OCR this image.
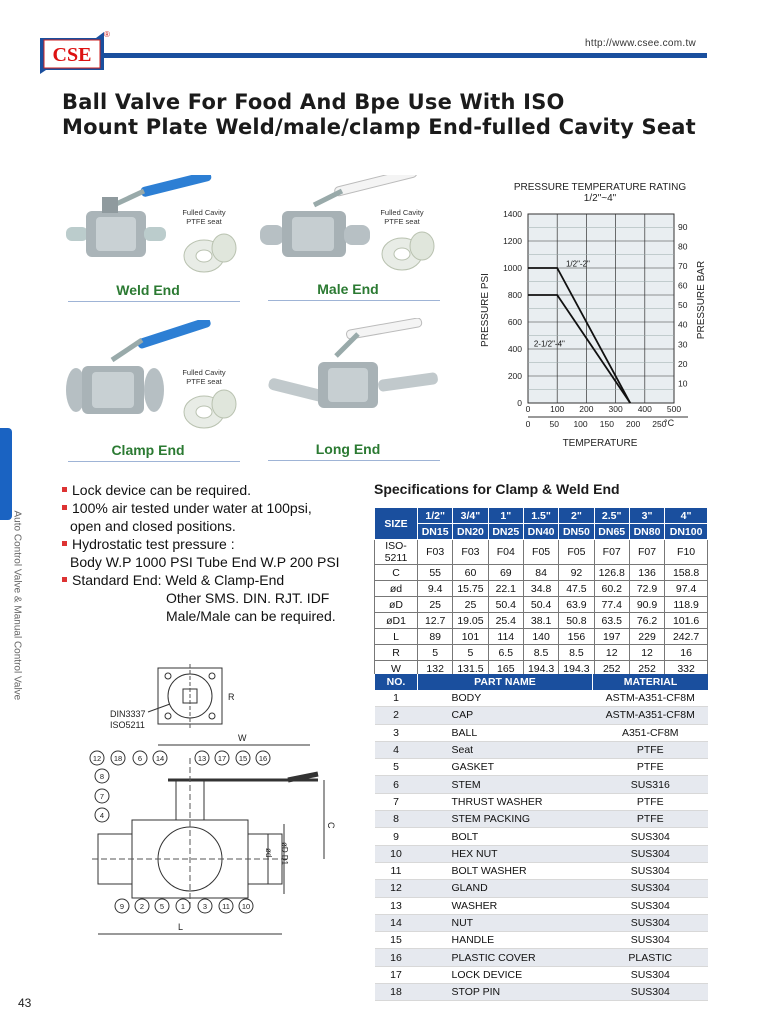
CSE
®
http://www.csee.com.tw
Ball Valve For Food And Bpe Use With ISO
Mount Plate Weld/male/clamp End-fulled Cavity Seat
Auto Control Valve & Manual Control Valve
43
Fulled Cavity
PTFE seat
Weld End
Fulled Cavity
PTFE seat
Male End
Fulled Cavity
PTFE seat
Clamp End	Long End
PRESSURE TEMPERATURE RATING
1/2"~4"
0
200
400
600
800
1000
1200
1400
10
20
30
40
50
60
70
80
90
0 100 200 300 400 500
0 50 100 150 200 250
1/2"-2"
2-1/2"-4"
PRESSURE PSI	PRESSURE BAR
TEMPERATURE
°C
Lock device can be required.
100% air tested under water at 100psi,
open and closed positions.
Hydrostatic test pressure :
Body W.P 1000 PSI Tube End W.P 200 PSI
Standard End: Weld & Clamp-End
Other SMS. DIN. RJT. IDF
Male/Male can be required.
Specifications for Clamp & Weld End
SIZE	1/2"	3/4"	1"	1.5"	2"	2.5"	3"	4"
	DN15	DN20	DN25	DN40	DN50	DN65	DN80	DN100
ISO-5211	F03	F03	F04	F05	F05	F07	F07	F10
C	55	60	69	84	92	126.8	136	158.8
ød	9.4	15.75	22.1	34.8	47.5	60.2	72.9	97.4
øD	25	25	50.4	50.4	63.9	77.4	90.9	118.9
øD1	12.7	19.05	25.4	38.1	50.8	63.5	76.2	101.6
L	89	101	114	140	156	197	229	242.7
R	5	5	6.5	8.5	8.5	12	12	16
W	132	131.5	165	194.3	194.3	252	252	332
DIN3337
ISO5211
R
W
C
ød øD D1
L
12 18 6 14	13 17 15 16
8
7
4
9 2 5 1 3 11 10
NO.	PART NAME	MATERIAL
1	BODY	ASTM-A351-CF8M
2	CAP	ASTM-A351-CF8M
3	BALL	A351-CF8M
4	Seat	PTFE
5	GASKET	PTFE
6	STEM	SUS316
7	THRUST WASHER	PTFE
8	STEM PACKING	PTFE
9	BOLT	SUS304
10	HEX NUT	SUS304
11	BOLT WASHER	SUS304
12	GLAND	SUS304
13	WASHER	SUS304
14	NUT	SUS304
15	HANDLE	SUS304
16	PLASTIC COVER	PLASTIC
17	LOCK DEVICE	SUS304
18	STOP PIN	SUS304
